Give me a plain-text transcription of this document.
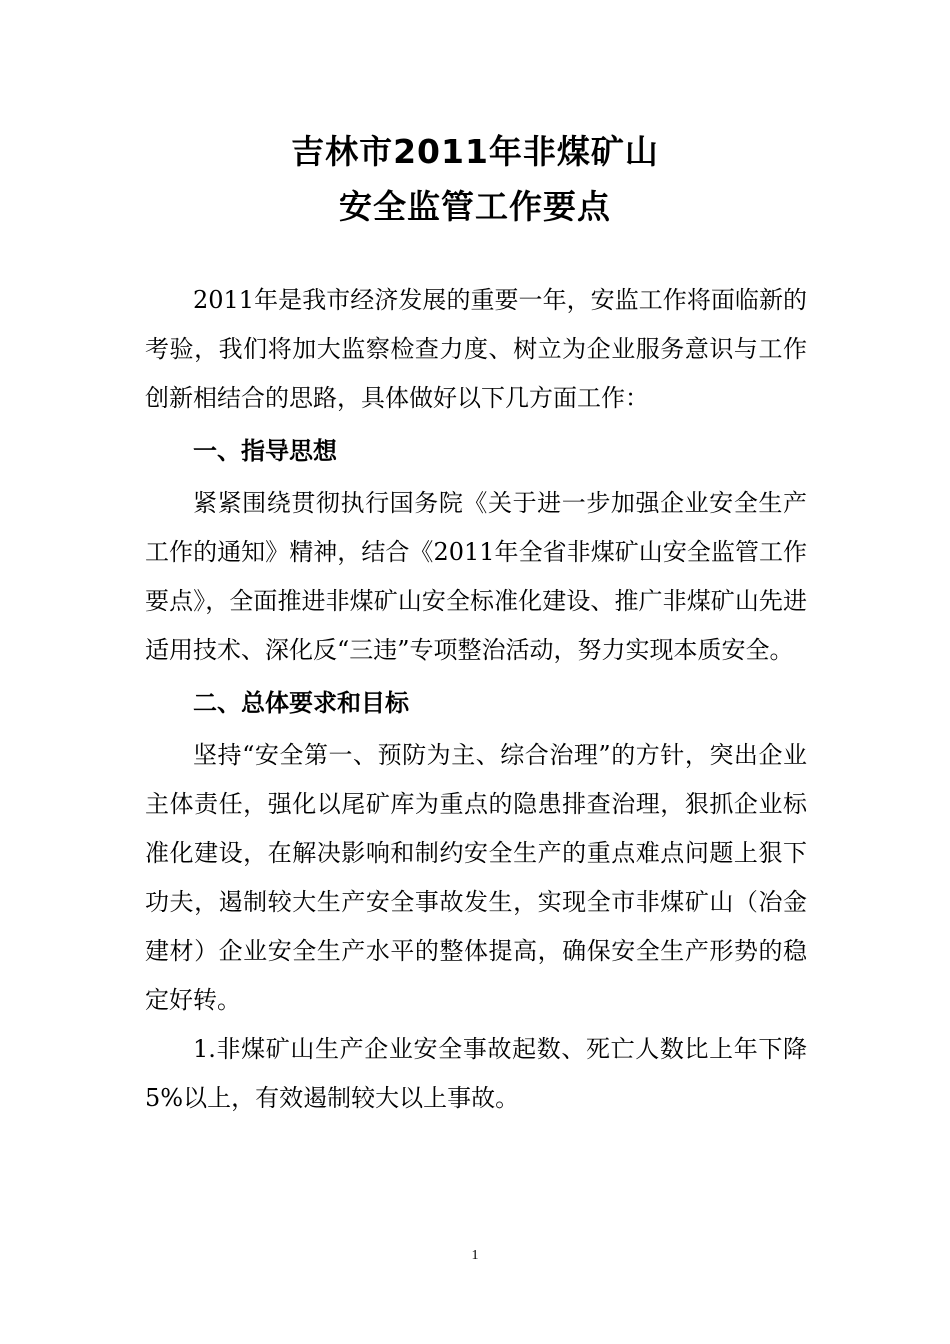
吉林市2011年非煤矿山
安全监管工作要点

2011年是我市经济发展的重要一年，安监工作将面临新的考验，我们将加大监察检查力度、树立为企业服务意识与工作创新相结合的思路，具体做好以下几方面工作：

一、指导思想

紧紧围绕贯彻执行国务院《关于进一步加强企业安全生产工作的通知》精神，结合《2011年全省非煤矿山安全监管工作要点》，全面推进非煤矿山安全标准化建设、推广非煤矿山先进适用技术、深化反“三违”专项整治活动，努力实现本质安全。

二、总体要求和目标

坚持“安全第一、预防为主、综合治理”的方针，突出企业主体责任，强化以尾矿库为重点的隐患排查治理，狠抓企业标准化建设，在解决影响和制约安全生产的重点难点问题上狠下功夫，遏制较大生产安全事故发生，实现全市非煤矿山（冶金建材）企业安全生产水平的整体提高，确保安全生产形势的稳定好转。

1.非煤矿山生产企业安全事故起数、死亡人数比上年下降 5%以上，有效遏制较大以上事故。

1
